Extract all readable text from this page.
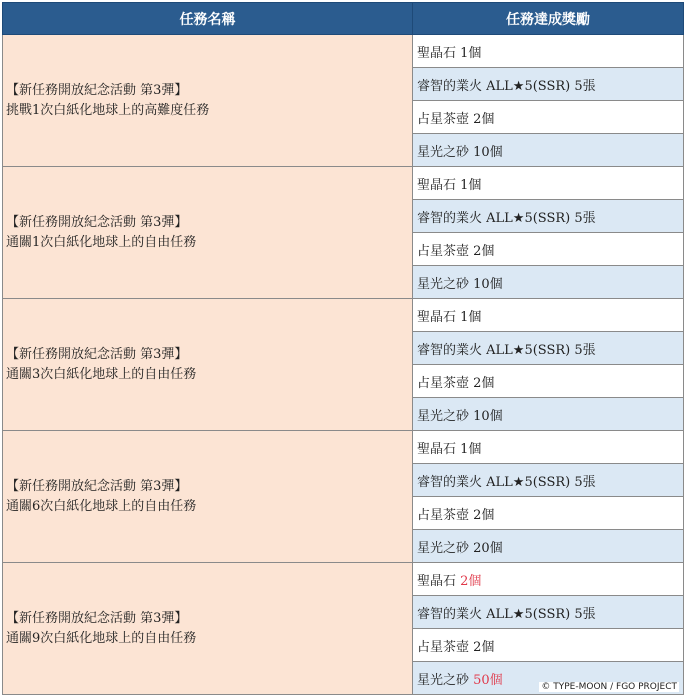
任務名稱	任務達成獎勵

【新任務開放紀念活動 第3彈】
挑戰1次白紙化地球上的高難度任務	聖晶石 1個
	睿智的業火 ALL★5(SSR) 5張
	占星茶壺 2個
	星光之砂 10個

【新任務開放紀念活動 第3彈】
通關1次白紙化地球上的自由任務	聖晶石 1個
	睿智的業火 ALL★5(SSR) 5張
	占星茶壺 2個
	星光之砂 10個

【新任務開放紀念活動 第3彈】
通關3次白紙化地球上的自由任務	聖晶石 1個
	睿智的業火 ALL★5(SSR) 5張
	占星茶壺 2個
	星光之砂 10個

【新任務開放紀念活動 第3彈】
通關6次白紙化地球上的自由任務	聖晶石 1個
	睿智的業火 ALL★5(SSR) 5張
	占星茶壺 2個
	星光之砂 20個

【新任務開放紀念活動 第3彈】
通關9次白紙化地球上的自由任務	聖晶石 2個
	睿智的業火 ALL★5(SSR) 5張
	占星茶壺 2個
	星光之砂 50個	© TYPE-MOON / FGO PROJECT
